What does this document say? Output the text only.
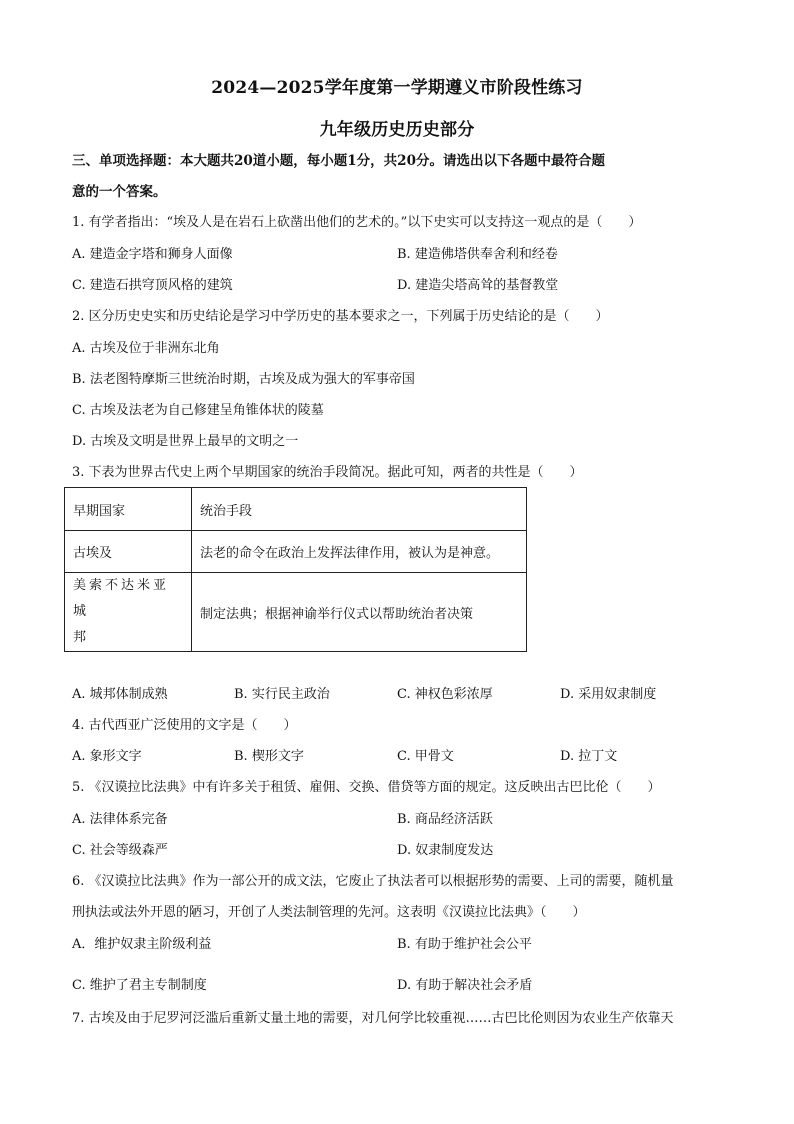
2024—2025学年度第一学期遵义市阶段性练习
九年级历史历史部分
三、单项选择题：本大题共20道小题，每小题1分，共20分。请选出以下各题中最符合题
意的一个答案。
1. 有学者指出：“埃及人是在岩石上砍凿出他们的艺术的。”以下史实可以支持这一观点的是（　　）
A. 建造金字塔和狮身人面像	B. 建造佛塔供奉舍利和经卷
C. 建造石拱穹顶风格的建筑	D. 建造尖塔高耸的基督教堂
2. 区分历史史实和历史结论是学习中学历史的基本要求之一，下列属于历史结论的是（　　）
A. 古埃及位于非洲东北角
B. 法老图特摩斯三世统治时期，古埃及成为强大的军事帝国
C. 古埃及法老为自己修建呈角锥体状的陵墓
D. 古埃及文明是世界上最早的文明之一
3. 下表为世界古代史上两个早期国家的统治手段简况。据此可知，两者的共性是（　　）
早期国家	统治手段
古埃及	法老的命令在政治上发挥法律作用，被认为是神意。

美索不达米亚城
邦	制定法典；根据神谕举行仪式以帮助统治者决策
A. 城邦体制成熟	B. 实行民主政治	C. 神权色彩浓厚	D. 采用奴隶制度
4. 古代西亚广泛使用的文字是（　　）
A. 象形文字	B. 楔形文字	C. 甲骨文	D. 拉丁文
5. 《汉谟拉比法典》中有许多关于租赁、雇佣、交换、借贷等方面的规定。这反映出古巴比伦（　　）
A. 法律体系完备	B. 商品经济活跃
C. 社会等级森严	D. 奴隶制度发达
6. 《汉谟拉比法典》作为一部公开的成文法，它废止了执法者可以根据形势的需要、上司的需要，随机量
刑执法或法外开恩的陋习，开创了人类法制管理的先河。这表明《汉谟拉比法典》（　　）
A．维护奴隶主阶级利益	B. 有助于维护社会公平
C. 维护了君主专制制度	D. 有助于解决社会矛盾
7. 古埃及由于尼罗河泛滥后重新丈量土地的需要，对几何学比较重视……古巴比伦则因为农业生产依靠天
